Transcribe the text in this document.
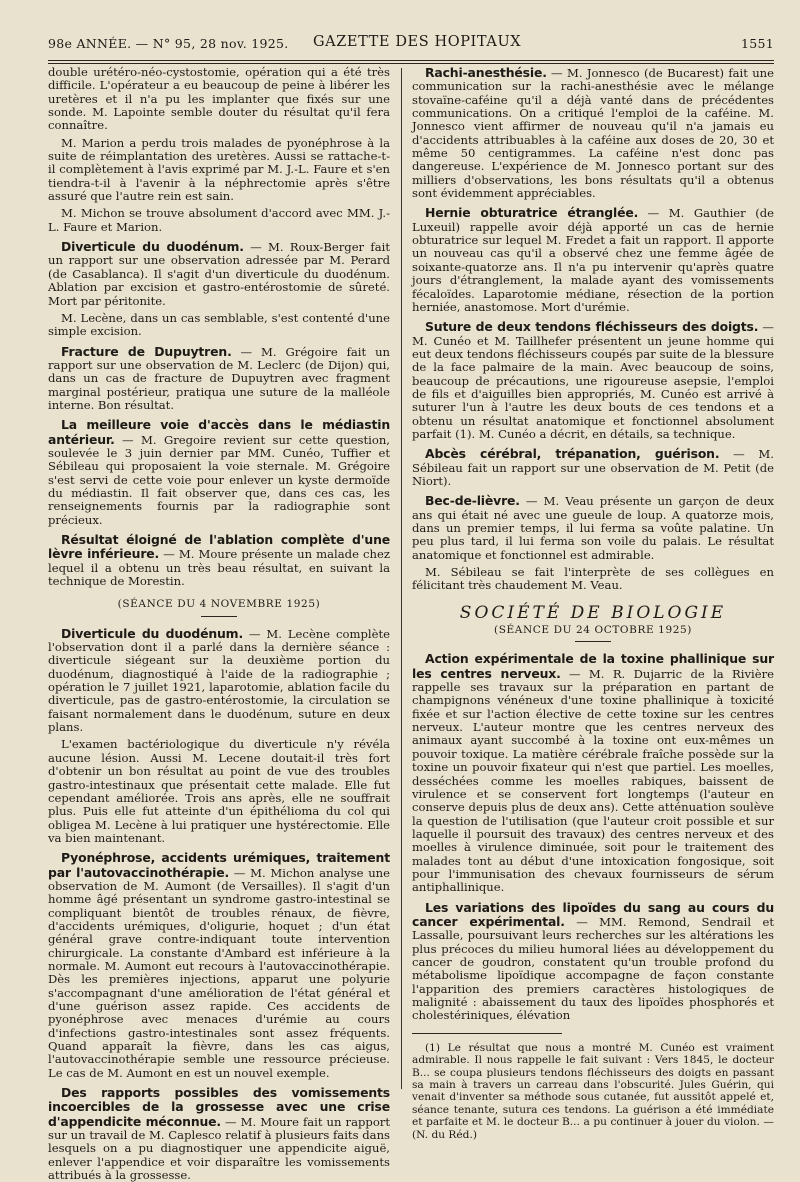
98e ANNÉE. — N° 95, 28 nov. 1925. GAZETTE DES HOPITAUX	1551

double urétéro-néo-cystostomie, opération qui a été très difficile. L'opérateur a eu beaucoup de peine à libérer les uretères et il n'a pu les implanter que fixés sur une sonde. M. Lapointe semble douter du résultat qu'il fera connaître.

M. Marion a perdu trois malades de pyonéphrose à la suite de réimplantation des uretères. Aussi se rattache-t-il complètement à l'avis exprimé par M. J.-L. Faure et s'en tiendra-t-il à l'avenir à la néphrectomie après s'être assuré que l'autre rein est sain.

M. Michon se trouve absolument d'accord avec MM. J.-L. Faure et Marion.

Diverticule du duodénum. — M. Roux-Berger fait un rapport sur une observation adressée par M. Perard (de Casablanca). Il s'agit d'un diverticule du duodénum. Ablation par excision et gastro-entérostomie de sûreté. Mort par péritonite.

M. Lecène, dans un cas semblable, s'est contenté d'une simple excision.

Fracture de Dupuytren. — M. Grégoire fait un rapport sur une observation de M. Leclerc (de Dijon) qui, dans un cas de fracture de Dupuytren avec fragment marginal postérieur, pratiqua une suture de la malléole interne. Bon résultat.

La meilleure voie d'accès dans le médiastin antérieur. — M. Gregoire revient sur cette question, soulevée le 3 juin dernier par MM. Cunéo, Tuffier et Sébileau qui proposaient la voie sternale. M. Grégoire s'est servi de cette voie pour enlever un kyste dermoïde du médiastin. Il fait observer que, dans ces cas, les renseignements fournis par la radiographie sont précieux.

Résultat éloigné de l'ablation complète d'une lèvre inférieure. — M. Moure présente un malade chez lequel il a obtenu un très beau résultat, en suivant la technique de Morestin.

(SÉANCE DU 4 NOVEMBRE 1925)

Diverticule du duodénum. — M. Lecène complète l'observation dont il a parlé dans la dernière séance : diverticule siégeant sur la deuxième portion du duodénum, diagnostiqué à l'aide de la radiographie ; opération le 7 juillet 1921, laparotomie, ablation facile du diverticule, pas de gastro-entérostomie, la circulation se faisant normalement dans le duodénum, suture en deux plans.

L'examen bactériologique du diverticule n'y révéla aucune lésion. Aussi M. Lecene doutait-il très fort d'obtenir un bon résultat au point de vue des troubles gastro-intestinaux que présentait cette malade. Elle fut cependant améliorée. Trois ans après, elle ne souffrait plus. Puis elle fut atteinte d'un épithélioma du col qui obligea M. Lecène à lui pratiquer une hystérectomie. Elle va bien maintenant.

Pyonéphrose, accidents urémiques, traitement par l'autovaccinothérapie. — M. Michon analyse une observation de M. Aumont (de Versailles). Il s'agit d'un homme âgé présentant un syndrome gastro-intestinal se compliquant bientôt de troubles rénaux, de fièvre, d'accidents urémiques, d'oligurie, hoquet ; d'un état général grave contre-indiquant toute intervention chirurgicale. La constante d'Ambard est inférieure à la normale. M. Aumont eut recours à l'autovaccinothérapie. Dès les premières injections, apparut une polyurie s'accompagnant d'une amélioration de l'état général et d'une guérison assez rapide. Ces accidents de pyonéphrose avec menaces d'urémie au cours d'infections gastro-intestinales sont assez fréquents. Quand apparaît la fièvre, dans les cas aigus, l'autovaccinothérapie semble une ressource précieuse. Le cas de M. Aumont en est un nouvel exemple.

Des rapports possibles des vomissements incoercibles de la grossesse avec une crise d'appendicite méconnue. — M. Moure fait un rapport sur un travail de M. Caplesco relatif à plusieurs faits dans lesquels on a pu diagnostiquer une appendicite aiguë, enlever l'appendice et voir disparaître les vomissements attribués à la grossesse.

Rachi-anesthésie. — M. Jonnesco (de Bucarest) fait une communication sur la rachi-anesthésie avec le mélange stovaïne-caféine qu'il a déjà vanté dans de précédentes communications. On a critiqué l'emploi de la caféine. M. Jonnesco vient affirmer de nouveau qu'il n'a jamais eu d'accidents attribuables à la caféine aux doses de 20, 30 et même 50 centigrammes. La caféine n'est donc pas dangereuse. L'expérience de M. Jonnesco portant sur des milliers d'observations, les bons résultats qu'il a obtenus sont évidemment appréciables.

Hernie obturatrice étranglée. — M. Gauthier (de Luxeuil) rappelle avoir déjà apporté un cas de hernie obturatrice sur lequel M. Fredet a fait un rapport. Il apporte un nouveau cas qu'il a observé chez une femme âgée de soixante-quatorze ans. Il n'a pu intervenir qu'après quatre jours d'étranglement, la malade ayant des vomissements fécaloïdes. Laparotomie médiane, résection de la portion herniée, anastomose. Mort d'urémie.

Suture de deux tendons fléchisseurs des doigts. — M. Cunéo et M. Taillhefer présentent un jeune homme qui eut deux tendons fléchisseurs coupés par suite de la blessure de la face palmaire de la main. Avec beaucoup de soins, beaucoup de précautions, une rigoureuse asepsie, l'emploi de fils et d'aiguilles bien appropriés, M. Cunéo est arrivé à suturer l'un à l'autre les deux bouts de ces tendons et a obtenu un résultat anatomique et fonctionnel absolument parfait (1). M. Cunéo a décrit, en détails, sa technique.

Abcès cérébral, trépanation, guérison. — M. Sébileau fait un rapport sur une observation de M. Petit (de Niort).

Bec-de-lièvre. — M. Veau présente un garçon de deux ans qui était né avec une gueule de loup. A quatorze mois, dans un premier temps, il lui ferma sa voûte palatine. Un peu plus tard, il lui ferma son voile du palais. Le résultat anatomique et fonctionnel est admirable.

M. Sébileau se fait l'interprète de ses collègues en félicitant très chaudement M. Veau.

SOCIÉTÉ DE BIOLOGIE

(SÉANCE DU 24 OCTOBRE 1925)

Action expérimentale de la toxine phallinique sur les centres nerveux. — M. R. Dujarric de la Rivière rappelle ses travaux sur la préparation en partant de champignons vénéneux d'une toxine phallinique à toxicité fixée et sur l'action élective de cette toxine sur les centres nerveux. L'auteur montre que les centres nerveux des animaux ayant succombé à la toxine ont eux-mêmes un pouvoir toxique. La matière cérébrale fraîche possède sur la toxine un pouvoir fixateur qui n'est que partiel. Les moelles, desséchées comme les moelles rabiques, baissent de virulence et se conservent fort longtemps (l'auteur en conserve depuis plus de deux ans). Cette atténuation soulève la question de l'utilisation (que l'auteur croit possible et sur laquelle il poursuit des travaux) des centres nerveux et des moelles à virulence diminuée, soit pour le traitement des malades tont au début d'une intoxication fongosique, soit pour l'immunisation des chevaux fournisseurs de sérum antiphallinique.

Les variations des lipoïdes du sang au cours du cancer expérimental. — MM. Remond, Sendrail et Lassalle, poursuivant leurs recherches sur les altérations les plus précoces du milieu humoral liées au développement du cancer de goudron, constatent qu'un trouble profond du métabolisme lipoïdique accompagne de façon constante l'apparition des premiers caractères histologiques de malignité : abaissement du taux des lipoïdes phosphorés et cholestériniques, élévation

(1) Le résultat que nous a montré M. Cunéo est vraiment admirable. Il nous rappelle le fait suivant : Vers 1845, le docteur B... se coupa plusieurs tendons fléchisseurs des doigts en passant sa main à travers un carreau dans l'obscurité. Jules Guérin, qui venait d'inventer sa méthode sous cutanée, fut aussitôt appelé et, séance tenante, sutura ces tendons. La guérison a été immédiate et parfaite et M. le docteur B... a pu continuer à jouer du violon. — (N. du Réd.)
